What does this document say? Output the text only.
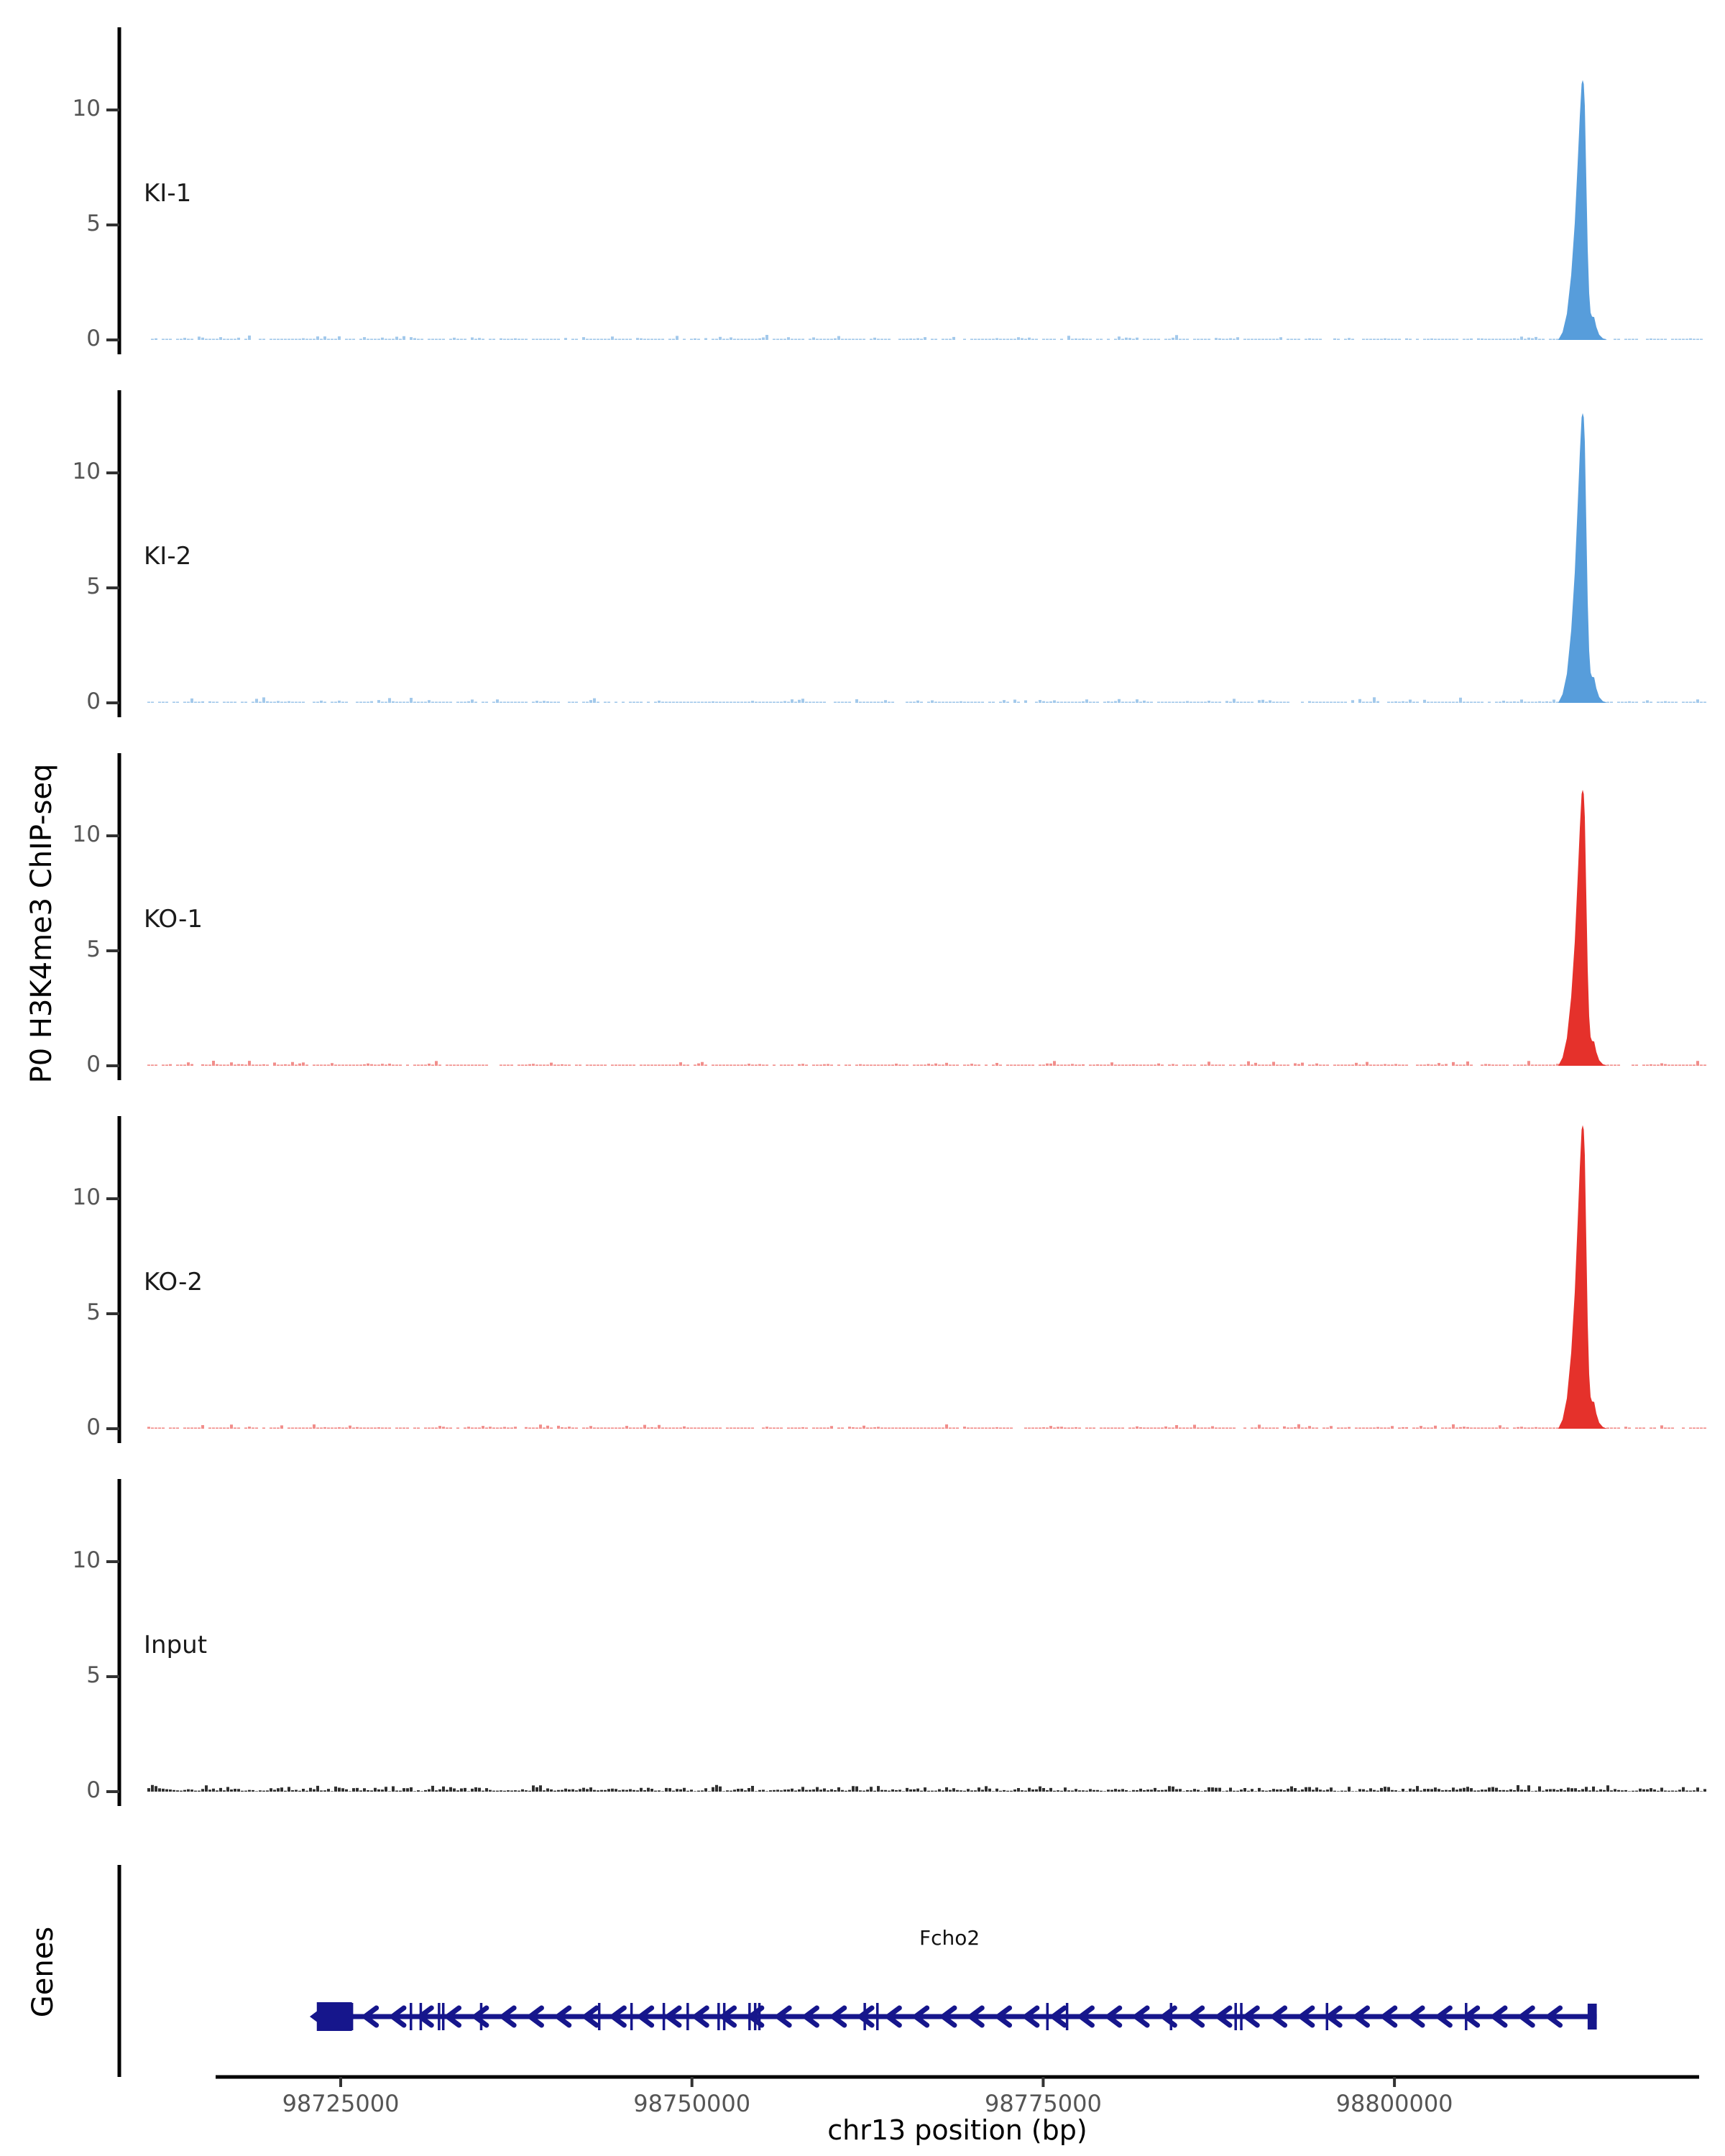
P0 H3K4me3 ChIP-seq
Genes	Fcho2
chr13 position (bp)
0
5
10
KI-1
0
5
10
KI-2
0
5
10
KO-1
0
5
10
KO-2
0
5
10
Input
98725000	98750000	98775000	98800000
